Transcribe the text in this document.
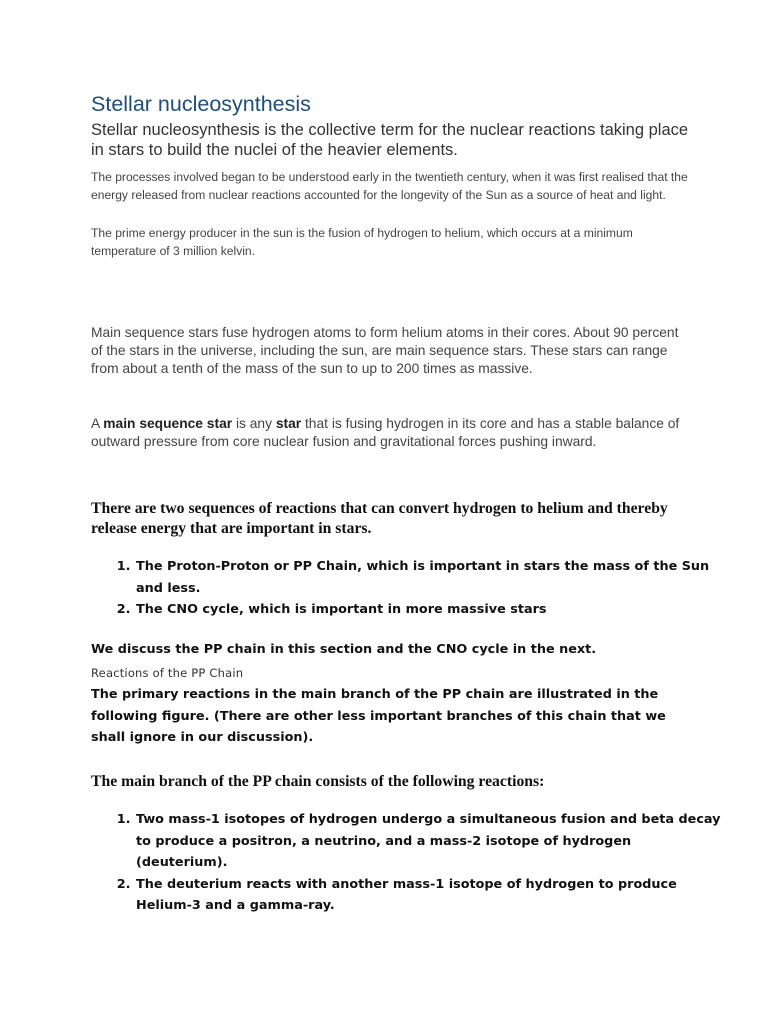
Stellar nucleosynthesis

Stellar nucleosynthesis is the collective term for the nuclear reactions taking place in stars to build the nuclei of the heavier elements.

The processes involved began to be understood early in the twentieth century, when it was first realised that the energy released from nuclear reactions accounted for the longevity of the Sun as a source of heat and light.

The prime energy producer in the sun is the fusion of hydrogen to helium, which occurs at a minimum temperature of 3 million kelvin.

Main sequence stars fuse hydrogen atoms to form helium atoms in their cores. About 90 percent of the stars in the universe, including the sun, are main sequence stars. These stars can range from about a tenth of the mass of the sun to up to 200 times as massive.

A main sequence star is any star that is fusing hydrogen in its core and has a stable balance of outward pressure from core nuclear fusion and gravitational forces pushing inward.

There are two sequences of reactions that can convert hydrogen to helium and thereby release energy that are important in stars.

1. The Proton-Proton or PP Chain, which is important in stars the mass of the Sun and less.
2. The CNO cycle, which is important in more massive stars

We discuss the PP chain in this section and the CNO cycle in the next.

Reactions of the PP Chain

The primary reactions in the main branch of the PP chain are illustrated in the following figure. (There are other less important branches of this chain that we shall ignore in our discussion).

The main branch of the PP chain consists of the following reactions:

1. Two mass-1 isotopes of hydrogen undergo a simultaneous fusion and beta decay to produce a positron, a neutrino, and a mass-2 isotope of hydrogen (deuterium).
2. The deuterium reacts with another mass-1 isotope of hydrogen to produce Helium-3 and a gamma-ray.
